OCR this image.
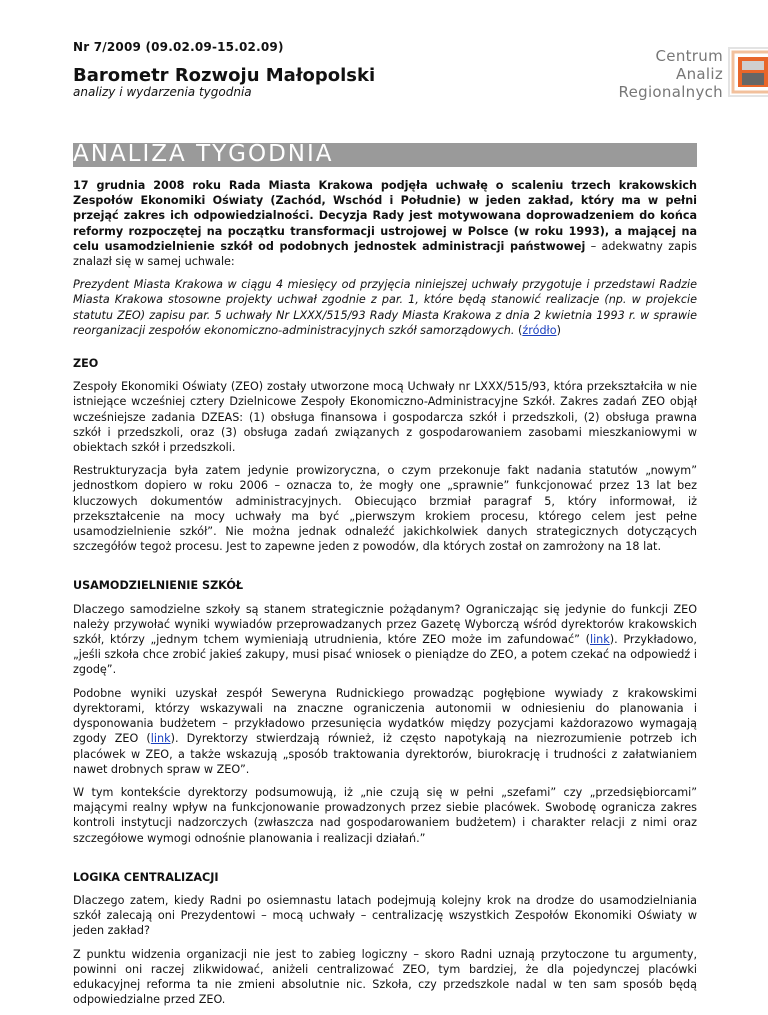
Nr 7/2009 (09.02.09-15.02.09)
Barometr Rozwoju Małopolski
analizy i wydarzenia tygodnia
Centrum
Analiz
Regionalnych
ANALIZA TYGODNIA

17 grudnia 2008 roku Rada Miasta Krakowa podjęła uchwałę o scaleniu trzech krakowskich Zespołów Ekonomiki Oświaty (Zachód, Wschód i Południe) w jeden zakład, który ma w pełni przejąć zakres ich odpowiedzialności. Decyzja Rady jest motywowana doprowadzeniem do końca reformy rozpoczętej na początku transformacji ustrojowej w Polsce (w roku 1993), a mającej na celu usamodzielnienie szkół od podobnych jednostek administracji państwowej – adekwatny zapis znalazł się w samej uchwale:

Prezydent Miasta Krakowa w ciągu 4 miesięcy od przyjęcia niniejszej uchwały przygotuje i przedstawi Radzie Miasta Krakowa stosowne projekty uchwał zgodnie z par. 1, które będą stanowić realizacje (np. w projekcie statutu ZEO) zapisu par. 5 uchwały Nr LXXX/515/93 Rady Miasta Krakowa z dnia 2 kwietnia 1993 r. w sprawie reorganizacji zespołów ekonomiczno-administracyjnych szkół samorządowych. (źródło)

ZEO

Zespoły Ekonomiki Oświaty (ZEO) zostały utworzone mocą Uchwały nr LXXX/515/93, która przekształciła w nie istniejące wcześniej cztery Dzielnicowe Zespoły Ekonomiczno-Administracyjne Szkół. Zakres zadań ZEO objął wcześniejsze zadania DZEAS: (1) obsługa finansowa i gospodarcza szkół i przedszkoli, (2) obsługa prawna szkół i przedszkoli, oraz (3) obsługa zadań związanych z gospodarowaniem zasobami mieszkaniowymi w obiektach szkół i przedszkoli.

Restrukturyzacja była zatem jedynie prowizoryczna, o czym przekonuje fakt nadania statutów „nowym” jednostkom dopiero w roku 2006 – oznacza to, że mogły one „sprawnie” funkcjonować przez 13 lat bez kluczowych dokumentów administracyjnych. Obiecująco brzmiał paragraf 5, który informował, iż przekształcenie na mocy uchwały ma być „pierwszym krokiem procesu, którego celem jest pełne usamodzielnienie szkół”. Nie można jednak odnaleźć jakichkolwiek danych strategicznych dotyczących szczegółów tegoż procesu. Jest to zapewne jeden z powodów, dla których został on zamrożony na 18 lat.

USAMODZIELNIENIE SZKÓŁ

Dlaczego samodzielne szkoły są stanem strategicznie pożądanym? Ograniczając się jedynie do funkcji ZEO należy przywołać wyniki wywiadów przeprowadzanych przez Gazetę Wyborczą wśród dyrektorów krakowskich szkół, którzy „jednym tchem wymieniają utrudnienia, które ZEO może im zafundować” (link). Przykładowo, „jeśli szkoła chce zrobić jakieś zakupy, musi pisać wniosek o pieniądze do ZEO, a potem czekać na odpowiedź i zgodę”.

Podobne wyniki uzyskał zespół Seweryna Rudnickiego prowadząc pogłębione wywiady z krakowskimi dyrektorami, którzy wskazywali na znaczne ograniczenia autonomii w odniesieniu do planowania i dysponowania budżetem – przykładowo przesunięcia wydatków między pozycjami każdorazowo wymagają zgody ZEO (link). Dyrektorzy stwierdzają również, iż często napotykają na niezrozumienie potrzeb ich placówek w ZEO, a także wskazują „sposób traktowania dyrektorów, biurokrację i trudności z załatwianiem nawet drobnych spraw w ZEO”.

W tym kontekście dyrektorzy podsumowują, iż „nie czują się w pełni „szefami” czy „przedsiębiorcami” mającymi realny wpływ na funkcjonowanie prowadzonych przez siebie placówek. Swobodę ogranicza zakres kontroli instytucji nadzorczych (zwłaszcza nad gospodarowaniem budżetem) i charakter relacji z nimi oraz szczegółowe wymogi odnośnie planowania i realizacji działań.”

LOGIKA CENTRALIZACJI

Dlaczego zatem, kiedy Radni po osiemnastu latach podejmują kolejny krok na drodze do usamodzielniania szkół zalecają oni Prezydentowi – mocą uchwały – centralizację wszystkich Zespołów Ekonomiki Oświaty w jeden zakład?

Z punktu widzenia organizacji nie jest to zabieg logiczny – skoro Radni uznają przytoczone tu argumenty, powinni oni raczej zlikwidować, aniżeli centralizować ZEO, tym bardziej, że dla pojedynczej placówki edukacyjnej reforma ta nie zmieni absolutnie nic. Szkoła, czy przedszkole nadal w ten sam sposób będą odpowiedzialne przed ZEO.
